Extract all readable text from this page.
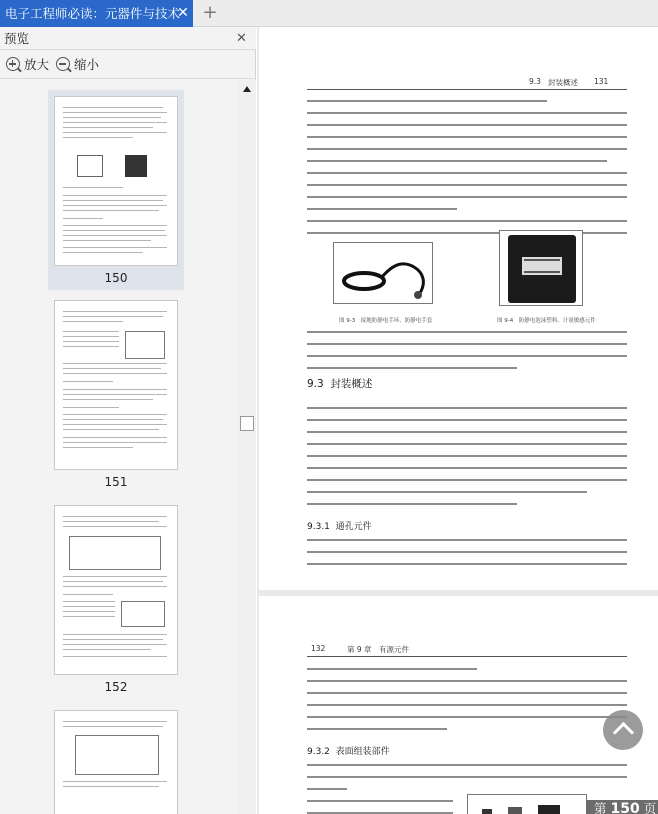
电子工程师必读：元器件与技术
✕ +
预览	✕
放大	缩小
150
151
152
9.3 封装概述 131
图 9-3　接地防静电手环、防静电手套	图 9-4　防静电泡沫塑料、计量敏感元件
9.3 封装概述
9.3.1 通孔元件
132	第 9 章 有源元件
9.3.2 表面组装部件
第 150 页
